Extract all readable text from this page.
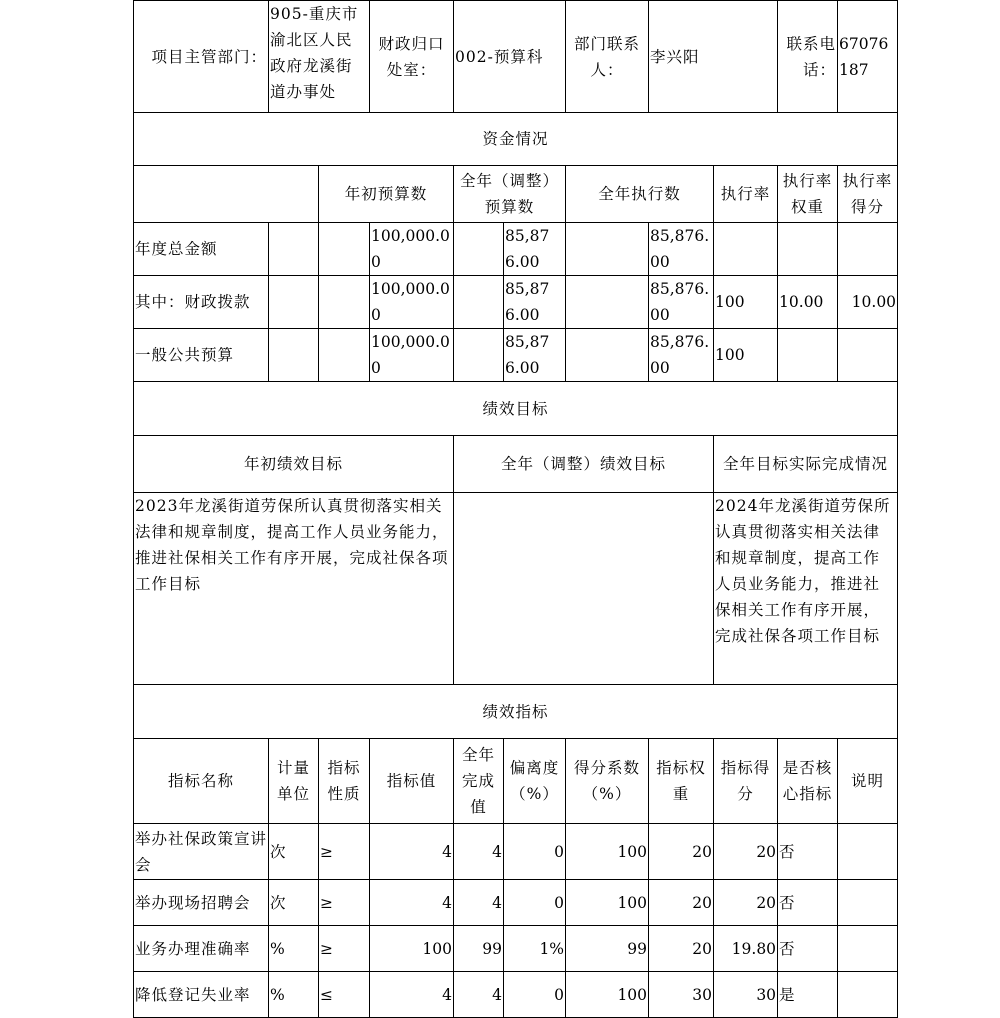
项目主管部门：	905-重庆市渝北区人民政府龙溪街道办事处		财政归口处室：	002-预算科		部门联系人：	李兴阳		联系电话：	67076187
资金情况										
		年初预算数		全年（调整）预算数		全年执行数		执行率	执行率权重	执行率得分
年度总金额			100,000.00		85,876.00		85,876.00			
其中：财政拨款			100,000.00		85,876.00		85,876.00	100	10.00	10.00
一般公共预算			100,000.00		85,876.00		85,876.00	100		
绩效目标										
年初绩效目标				全年（调整）绩效目标				全年目标实际完成情况		
2023年龙溪街道劳保所认真贯彻落实相关法律和规章制度，提高工作人员业务能力，推进社保相关工作有序开展，完成社保各项工作目标								2024年龙溪街道劳保所认真贯彻落实相关法律和规章制度，提高工作人员业务能力，推进社保相关工作有序开展，完成社保各项工作目标		
绩效指标										
指标名称	计量单位	指标性质	指标值	全年完成值	偏离度（%）	得分系数（%）	指标权重	指标得分	是否核心指标	说明
举办社保政策宣讲会	次	≥	4	4	0	100	20	20	否	
举办现场招聘会	次	≥	4	4	0	100	20	20	否	
业务办理准确率	%	≥	100	99	1%	99	20	19.80	否	
降低登记失业率	%	≤	4	4	0	100	30	30	是	
